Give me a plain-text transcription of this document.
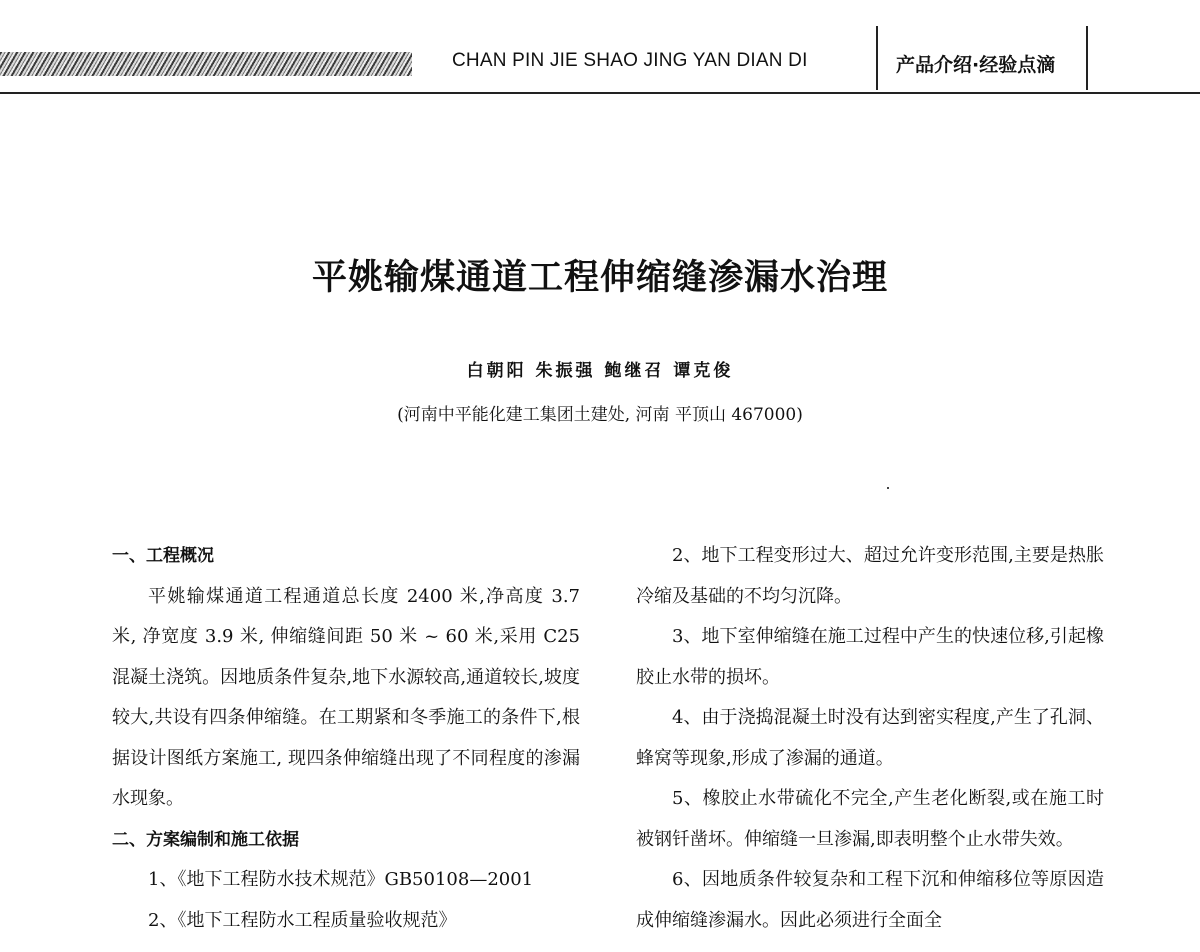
CHAN PIN JIE SHAO JING YAN DIAN DI	产品介绍·经验点滴
平姚输煤通道工程伸缩缝渗漏水治理
白朝阳 朱振强 鲍继召 谭克俊
(河南中平能化建工集团土建处, 河南 平顶山 467000)

一、工程概况

平姚输煤通道工程通道总长度 2400 米,净高度 3.7 米, 净宽度 3.9 米, 伸缩缝间距 50 米 ~ 60 米,采用 C25 混凝土浇筑。因地质条件复杂,地下水源较高,通道较长,坡度较大,共设有四条伸缩缝。在工期紧和冬季施工的条件下,根据设计图纸方案施工, 现四条伸缩缝出现了不同程度的渗漏水现象。

二、方案编制和施工依据

1、《地下工程防水技术规范》GB50108—2001

2、《地下工程防水工程质量验收规范》

2、地下工程变形过大、超过允许变形范围,主要是热胀冷缩及基础的不均匀沉降。

3、地下室伸缩缝在施工过程中产生的快速位移,引起橡胶止水带的损坏。

4、由于浇捣混凝土时没有达到密实程度,产生了孔洞、蜂窝等现象,形成了渗漏的通道。

5、橡胶止水带硫化不完全,产生老化断裂,或在施工时被钢钎凿坏。伸缩缝一旦渗漏,即表明整个止水带失效。

6、因地质条件较复杂和工程下沉和伸缩移位等原因造成伸缩缝渗漏水。因此必须进行全面全
